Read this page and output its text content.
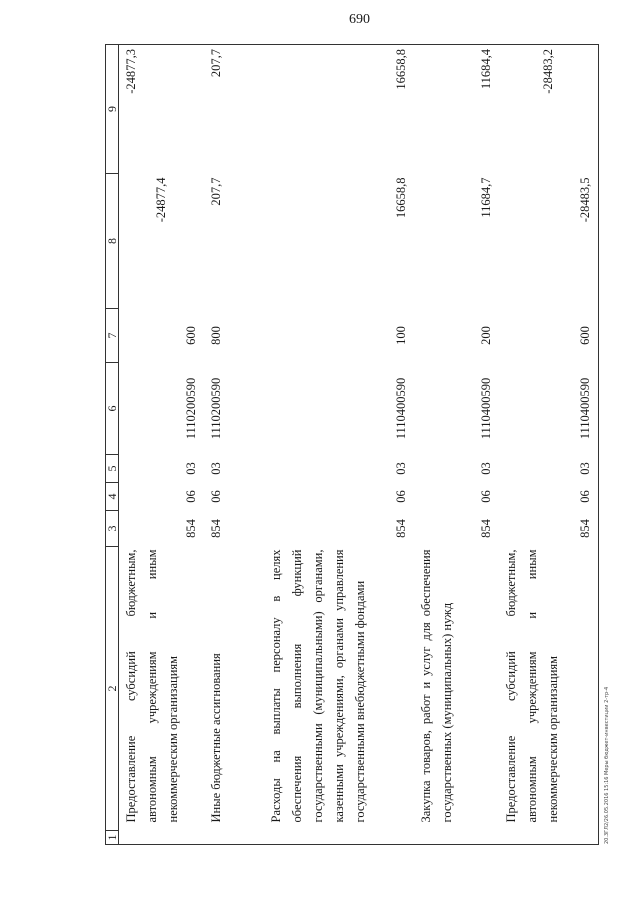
690
20.3ГЛ2/26.05.2016 15:16 Меры бюджет-инвестиции 2-тр-4
1	2	3	4	5	6	7	8	9
	Предоставление субсидий бюджетным, автономным учреждениям и иным некоммерческим организациям	854	06	03	1110200590	600	-24877,4	-24877,3
	Иные бюджетные ассигнования	854	06	03	1110200590	800	207,7	207,7
	Расходы на выплаты персоналу в целях обеспечения выполнения функций государственными (муниципальными) органами, казенными учреждениями, органами управления государственными внебюджетными фондами	854	06	03	1110400590	100	16658,8	16658,8
	Закупка товаров, работ и услуг для обеспечения государственных (муниципальных) нужд	854	06	03	1110400590	200	11684,7	11684,4
	Предоставление субсидий бюджетным, автономным учреждениям и иным некоммерческим организациям	854	06	03	1110400590	600	-28483,5	-28483,2
